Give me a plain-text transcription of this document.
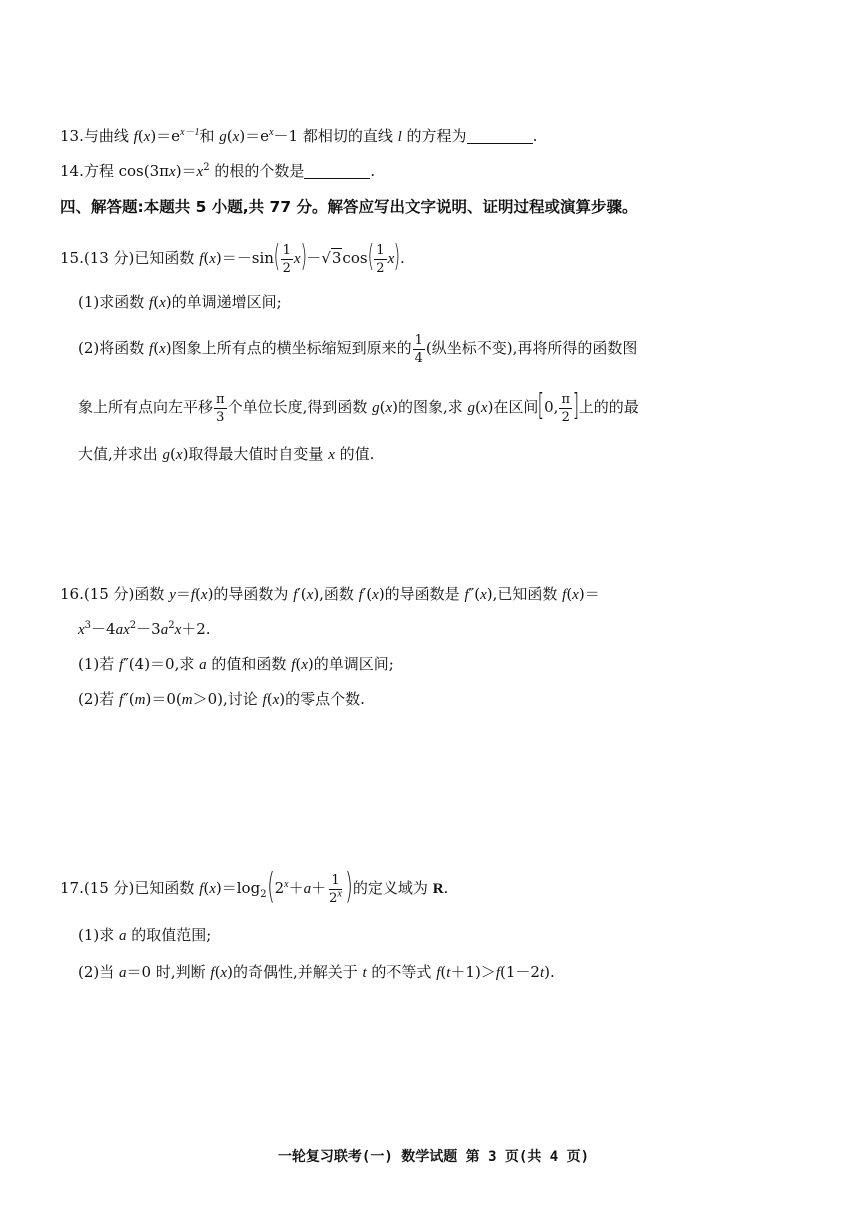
13.与曲线 $f(x)=e^{x-1}$和 $g(x)=e^x-1$ 都相切的直线 l 的方程为	.
14.方程 $\cos(3\pi x)=x^2$ 的根的个数是	.
四、解答题:本题共 5 小题,共 77 分。解答应写出文字说明、证明过程或演算步骤。
15.(13 分)已知函数 $f(x)=-\sin( \frac{1}{2} x)-√3\cos( \frac{1}{2} x)$.
(1)求函数 f(x)的单调递增区间;
(2)将函数 f(x)图象上所有点的横坐标缩短到原来的 $\frac{1}{4}$ (纵坐标不变),再将所得的函数图
象上所有点向左平移 $\frac{\pi}{3}$ 个单位长度,得到函数 g(x)的图象,求 g(x)在区间[0, $\frac{\pi}{2}$ ]上的的最
大值,并求出 g(x)取得最大值时自变量 x 的值.
16.(15 分)函数 y＝f(x)的导函数为 f′(x),函数 f′(x)的导函数是 f″(x),已知函数 f(x)＝
$x^3-4ax^2-3a^2x+2$.
(1)若 f″(4)＝0,求 a 的值和函数 f(x)的单调区间;
(2)若 f″(m)＝0(m＞0),讨论 f(x)的零点个数.
17.(15 分)已知函数 $f(x)=\log_2(2^x+a+ \frac{1}{2^x}$ )的定义域为 R.
(1)求 a 的取值范围;
(2)当 a＝0 时,判断 f(x)的奇偶性,并解关于 t 的不等式 f(t＋1)＞f(1－2t).
一轮复习联考(一) 数学试题 第 3 页(共 4 页)
